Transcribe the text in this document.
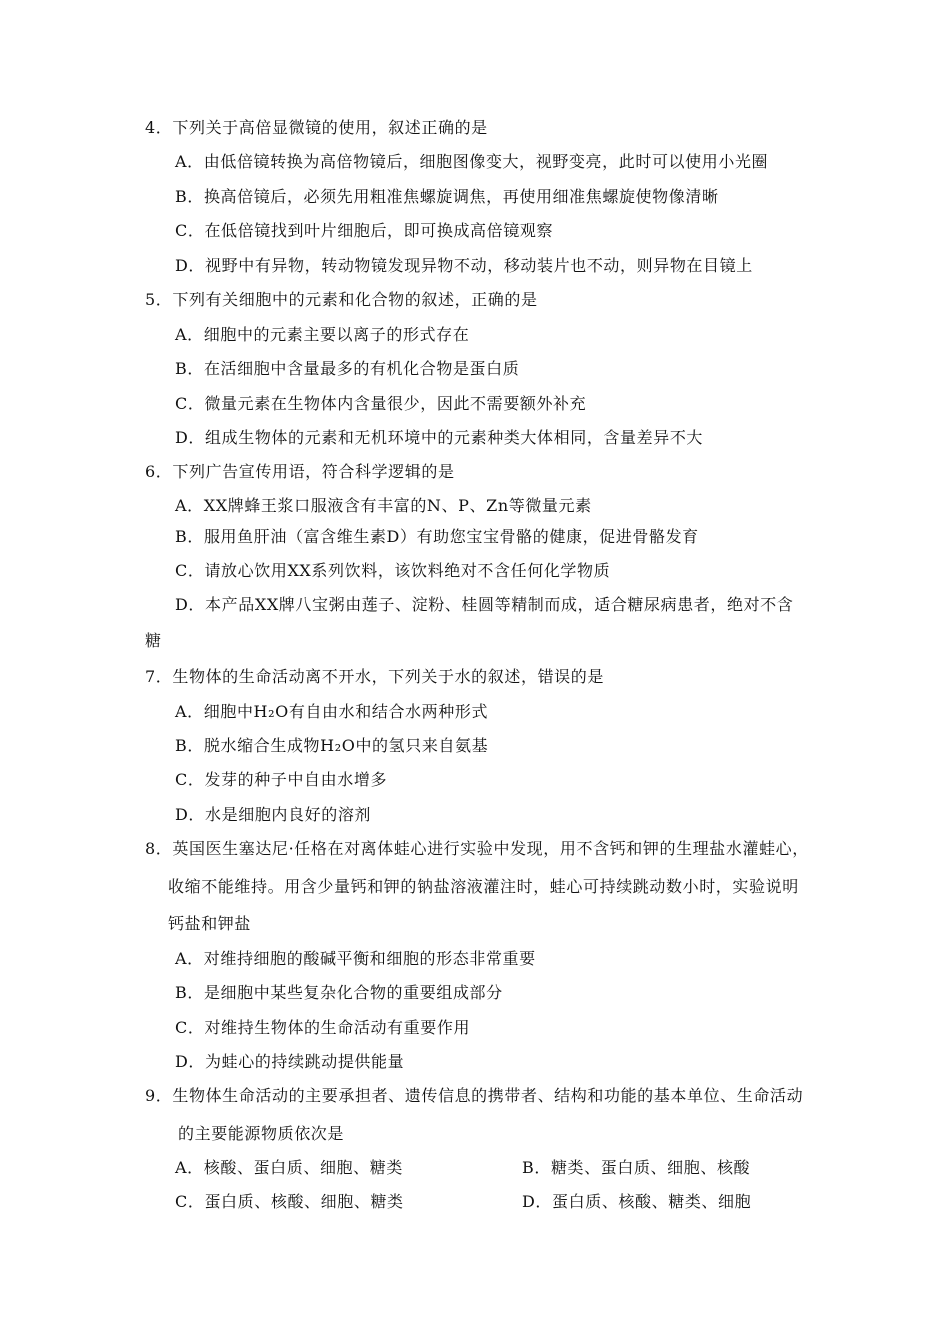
4．下列关于高倍显微镜的使用，叙述正确的是
A．由低倍镜转换为高倍物镜后，细胞图像变大，视野变亮，此时可以使用小光圈
B．换高倍镜后，必须先用粗准焦螺旋调焦，再使用细准焦螺旋使物像清晰
C．在低倍镜找到叶片细胞后，即可换成高倍镜观察
D．视野中有异物，转动物镜发现异物不动，移动装片也不动，则异物在目镜上
5．下列有关细胞中的元素和化合物的叙述，正确的是
A．细胞中的元素主要以离子的形式存在
B．在活细胞中含量最多的有机化合物是蛋白质
C．微量元素在生物体内含量很少，因此不需要额外补充
D．组成生物体的元素和无机环境中的元素种类大体相同，含量差异不大
6．下列广告宣传用语，符合科学逻辑的是
A．XX牌蜂王浆口服液含有丰富的N、P、Zn等微量元素
B．服用鱼肝油（富含维生素D）有助您宝宝骨骼的健康，促进骨骼发育
C．请放心饮用XX系列饮料，该饮料绝对不含任何化学物质
D．本产品XX牌八宝粥由莲子、淀粉、桂圆等精制而成，适合糖尿病患者，绝对不含
糖
7．生物体的生命活动离不开水，下列关于水的叙述，错误的是
A．细胞中H₂O有自由水和结合水两种形式
B．脱水缩合生成物H₂O中的氢只来自氨基
C．发芽的种子中自由水增多
D．水是细胞内良好的溶剂
8．英国医生塞达尼·任格在对离体蛙心进行实验中发现，用不含钙和钾的生理盐水灌蛙心，
收缩不能维持。用含少量钙和钾的钠盐溶液灌注时，蛙心可持续跳动数小时，实验说明
钙盐和钾盐
A．对维持细胞的酸碱平衡和细胞的形态非常重要
B．是细胞中某些复杂化合物的重要组成部分
C．对维持生物体的生命活动有重要作用
D．为蛙心的持续跳动提供能量
9．生物体生命活动的主要承担者、遗传信息的携带者、结构和功能的基本单位、生命活动
的主要能源物质依次是
A．核酸、蛋白质、细胞、糖类	B．糖类、蛋白质、细胞、核酸
C．蛋白质、核酸、细胞、糖类	D．蛋白质、核酸、糖类、细胞
